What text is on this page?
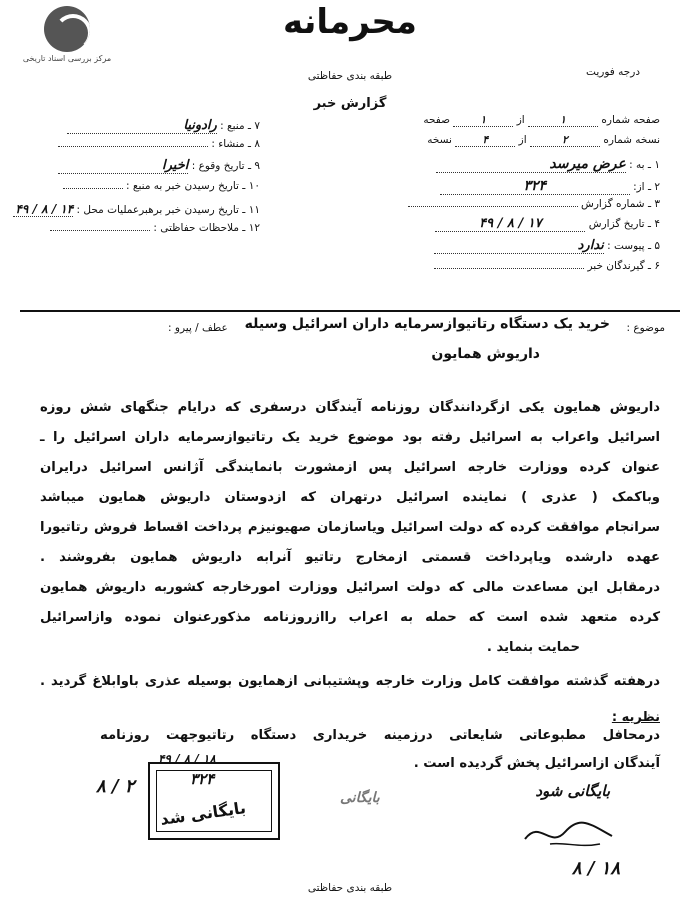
محرمانه
مرکز بررسی اسناد تاریخی
درجه فوریت
طبقه بندی حفاظتی
گزارش خبر
صفحه شماره ۱ از ۱ صفحه
نسخه شماره ۲ از ۴ نسخه
۱ ـ به : عرض میرسد
۲ ـ از: ۳۲۴
۳ ـ شماره گزارش
۴ ـ تاریخ گزارش ۱۷ / ۸ / ۴۹
۵ ـ پیوست : ندارد
۶ ـ گیرندگان خبر
۷ ـ منبع : رادونیا
۸ ـ منشاء :
۹ ـ تاریخ وقوع : اخیرا
۱۰ ـ تاریخ رسیدن خبر به منبع :
۱۱ ـ تاریخ رسیدن خبر برهبرعملیات محل : ۱۴ / ۸ / ۴۹
۱۲ ـ ملاحظات حفاظتی :
موضوع :
خرید یک دستگاه رتاتیوازسرمایه داران اسرائیل وسیله
عطف / پیرو :
داریوش همایون
داریوش همایون یکی ازگردانندگان روزنامه آیندگان درسفری که درایام جنگهای شش روزه
اسرائیل واعراب به اسرائیل رفته بود موضوع خرید یک رتاتیوازسرمایه داران اسرائیل را ـ
عنوان کرده ووزارت خارجه اسرائیل پس ازمشورت بانمایندگی آژانس اسرائیل درایران
وباکمک ( عذری ) نماینده اسرائیل درتهران که ازدوستان داریوش همایون میباشد
سرانجام موافقت کرده که دولت اسرائیل ویاسازمان صهیونیزم پرداخت اقساط فروش رتاتیورا
عهده دارشده ویاپرداخت قسمتی ازمخارج رتاتیو آنرابه داریوش همایون بفروشند .
درمقابل این مساعدت مالی که دولت اسرائیل ووزارت امورخارجه کشوربه داریوش همایون
کرده متعهد شده است که حمله به اعراب راازروزنامه مذکورعنوان نموده وازاسرائیل
حمایت بنماید .
درهفته گذشته موافقت کامل وزارت خارجه وپشتیبانی ازهمایون بوسیله عذری باوابلاغ گردید .
نظریه :
درمحافل مطبوعاتی شایعاتی درزمینه خریداری دستگاه رتاتیوجهت روزنامه
آیندگان ازاسرائیل پخش گردیده است .
۳۲۴
۴۹ / ۸ / ۱۸
بایگانی شد
۸ / ۲
بایگانی	بایگانی شود
۸ / ۱۸
طبقه بندی حفاظتی
